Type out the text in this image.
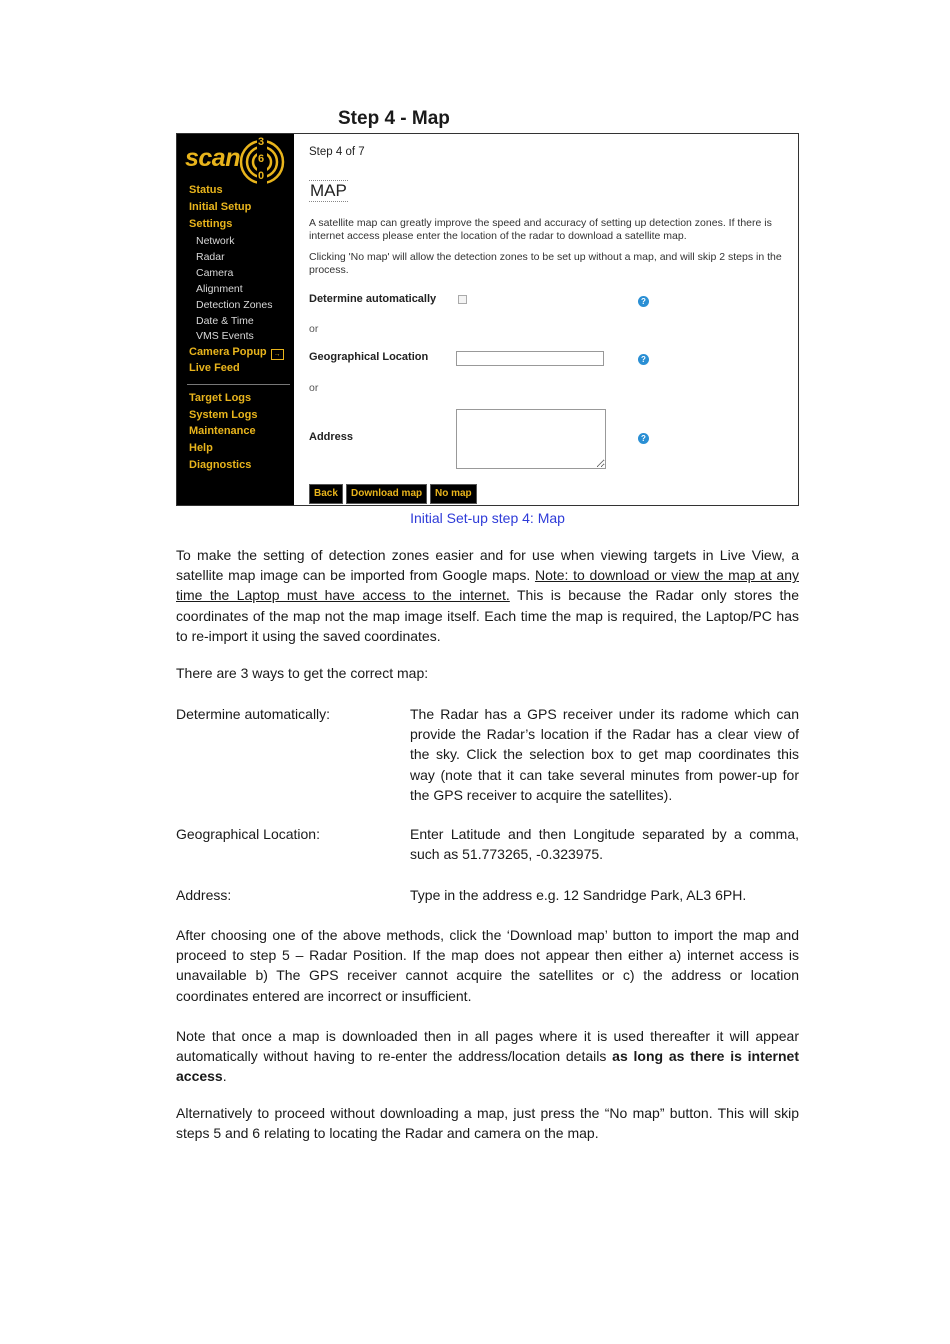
Step 4 - Map
scan
3
6
0
Status
Initial Setup
Settings
Network
Radar
Camera
Alignment
Detection Zones
Date & Time
VMS Events
Camera Popup →
Live Feed
Target Logs
System Logs
Maintenance
Help
Diagnostics
Step 4 of 7
MAP
A satellite map can greatly improve the speed and accuracy of setting up detection zones. If there is internet access please enter the location of the radar to download a satellite map.
Clicking 'No map' will allow the detection zones to be set up without a map, and will skip 2 steps in the process.
Determine automatically	?
or
Geographical Location	?
or
Address	?
Back	Download map	No map
Initial Set-up step 4: Map

To make the setting of detection zones easier and for use when viewing targets in Live View, a satellite map image can be imported from Google maps. Note: to download or view the map at any time the Laptop must have access to the internet. This is because the Radar only stores the coordinates of the map not the map image itself. Each time the map is required, the Laptop/PC has to re-import it using the saved coordinates.

There are 3 ways to get the correct map:

Determine automatically:	The Radar has a GPS receiver under its radome which can provide the Radar’s location if the Radar has a clear view of the sky. Click the selection box to get map coordinates this way (note that it can take several minutes from power-up for the GPS receiver to acquire the satellites).
Geographical Location:	Enter Latitude and then Longitude separated by a comma, such as 51.773265, -0.323975.
Address:	Type in the address e.g. 12 Sandridge Park, AL3 6PH.

After choosing one of the above methods, click the ‘Download map’ button to import the map and proceed to step 5 – Radar Position. If the map does not appear then either a) internet access is unavailable b) The GPS receiver cannot acquire the satellites or c) the address or location coordinates entered are incorrect or insufficient.

Note that once a map is downloaded then in all pages where it is used thereafter it will appear automatically without having to re-enter the address/location details as long as there is internet access.

Alternatively to proceed without downloading a map, just press the “No map” button. This will skip steps 5 and 6 relating to locating the Radar and camera on the map.
